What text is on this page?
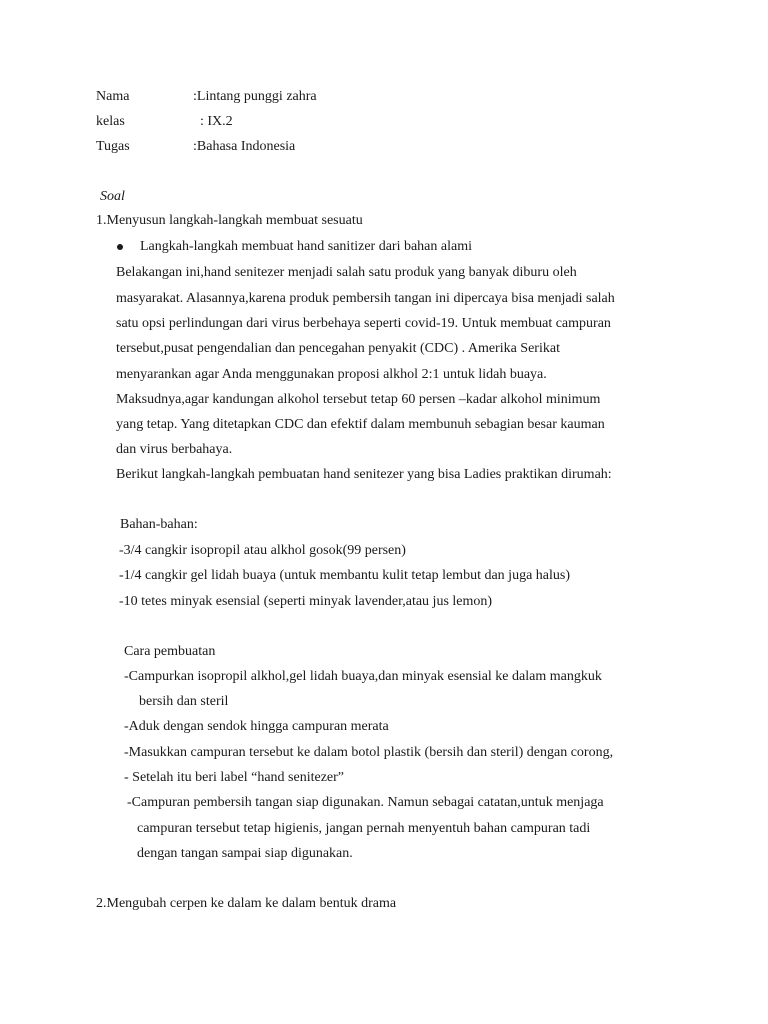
Nama	:Lintang punggi zahra
kelas	: IX.2
Tugas	:Bahasa Indonesia
Soal
1.Menyusun langkah-langkah membuat sesuatu
Langkah-langkah membuat hand sanitizer dari bahan alami
Belakangan ini,hand senitezer menjadi salah satu produk yang banyak diburu oleh
masyarakat. Alasannya,karena produk pembersih tangan ini dipercaya bisa menjadi salah
satu opsi perlindungan dari virus berbehaya seperti covid-19. Untuk membuat campuran
tersebut,pusat pengendalian dan pencegahan penyakit (CDC) . Amerika Serikat
menyarankan agar Anda menggunakan proposi alkhol 2:1 untuk lidah buaya.
Maksudnya,agar kandungan alkohol tersebut tetap 60 persen –kadar alkohol minimum
yang tetap. Yang ditetapkan CDC dan efektif dalam membunuh sebagian besar kauman
dan virus berbahaya.
Berikut langkah-langkah pembuatan hand senitezer yang bisa Ladies praktikan dirumah:
Bahan-bahan:
-3/4 cangkir isopropil atau alkhol gosok(99 persen)
-1/4 cangkir gel lidah buaya (untuk membantu kulit tetap lembut dan juga halus)
-10 tetes minyak esensial (seperti minyak lavender,atau jus lemon)
Cara pembuatan
-Campurkan isopropil alkhol,gel lidah buaya,dan minyak esensial ke dalam mangkuk
bersih dan steril
-Aduk dengan sendok hingga campuran merata
-Masukkan campuran tersebut ke dalam botol plastik (bersih dan steril) dengan corong,
- Setelah itu beri label “hand senitezer”
-Campuran pembersih tangan siap digunakan. Namun sebagai catatan,untuk menjaga
campuran tersebut tetap higienis, jangan pernah menyentuh bahan campuran tadi
dengan tangan sampai siap digunakan.
2.Mengubah cerpen ke dalam ke dalam bentuk drama
